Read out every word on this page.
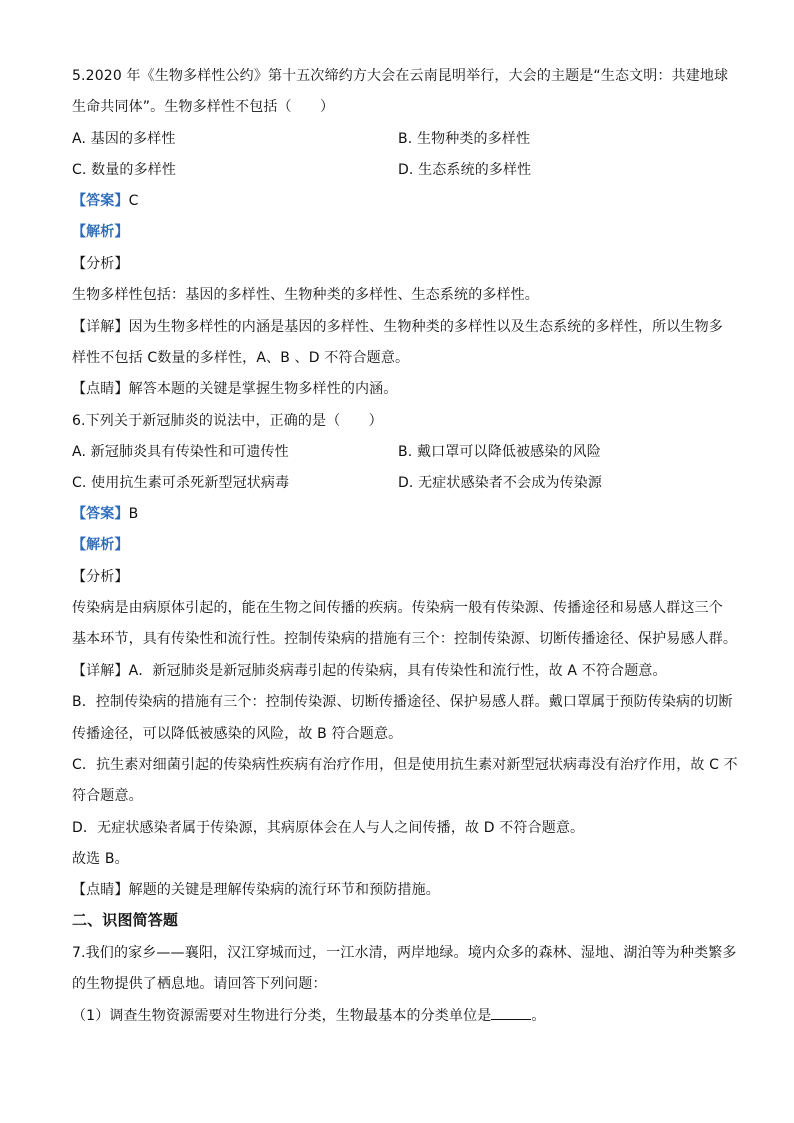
5.2020 年《生物多样性公约》第十五次缔约方大会在云南昆明举行，大会的主题是“生态文明：共建地球
生命共同体”。生物多样性不包括（　　）
A. 基因的多样性	B. 生物种类的多样性
C. 数量的多样性	D. 生态系统的多样性
【答案】C
【解析】
【分析】
生物多样性包括：基因的多样性、生物种类的多样性、生态系统的多样性。
【详解】因为生物多样性的内涵是基因的多样性、生物种类的多样性以及生态系统的多样性，所以生物多
样性不包括 C数量的多样性，A、B 、D 不符合题意。
【点睛】解答本题的关键是掌握生物多样性的内涵。
6.下列关于新冠肺炎的说法中，正确的是（　　）
A. 新冠肺炎具有传染性和可遗传性	B. 戴口罩可以降低被感染的风险
C. 使用抗生素可杀死新型冠状病毒	D. 无症状感染者不会成为传染源
【答案】B
【解析】
【分析】
传染病是由病原体引起的，能在生物之间传播的疾病。传染病一般有传染源、传播途径和易感人群这三个
基本环节，具有传染性和流行性。控制传染病的措施有三个：控制传染源、切断传播途径、保护易感人群。
【详解】A．新冠肺炎是新冠肺炎病毒引起的传染病，具有传染性和流行性，故 A 不符合题意。
B．控制传染病的措施有三个：控制传染源、切断传播途径、保护易感人群。戴口罩属于预防传染病的切断
传播途径，可以降低被感染的风险，故 B 符合题意。
C．抗生素对细菌引起的传染病性疾病有治疗作用，但是使用抗生素对新型冠状病毒没有治疗作用，故 C 不
符合题意。
D．无症状感染者属于传染源，其病原体会在人与人之间传播，故 D 不符合题意。
故选 B。
【点睛】解题的关键是理解传染病的流行环节和预防措施。
二、识图简答题
7.我们的家乡——襄阳，汉江穿城而过，一江水清，两岸地绿。境内众多的森林、湿地、湖泊等为种类繁多
的生物提供了栖息地。请回答下列问题：
（1）调查生物资源需要对生物进行分类，生物最基本的分类单位是	。
